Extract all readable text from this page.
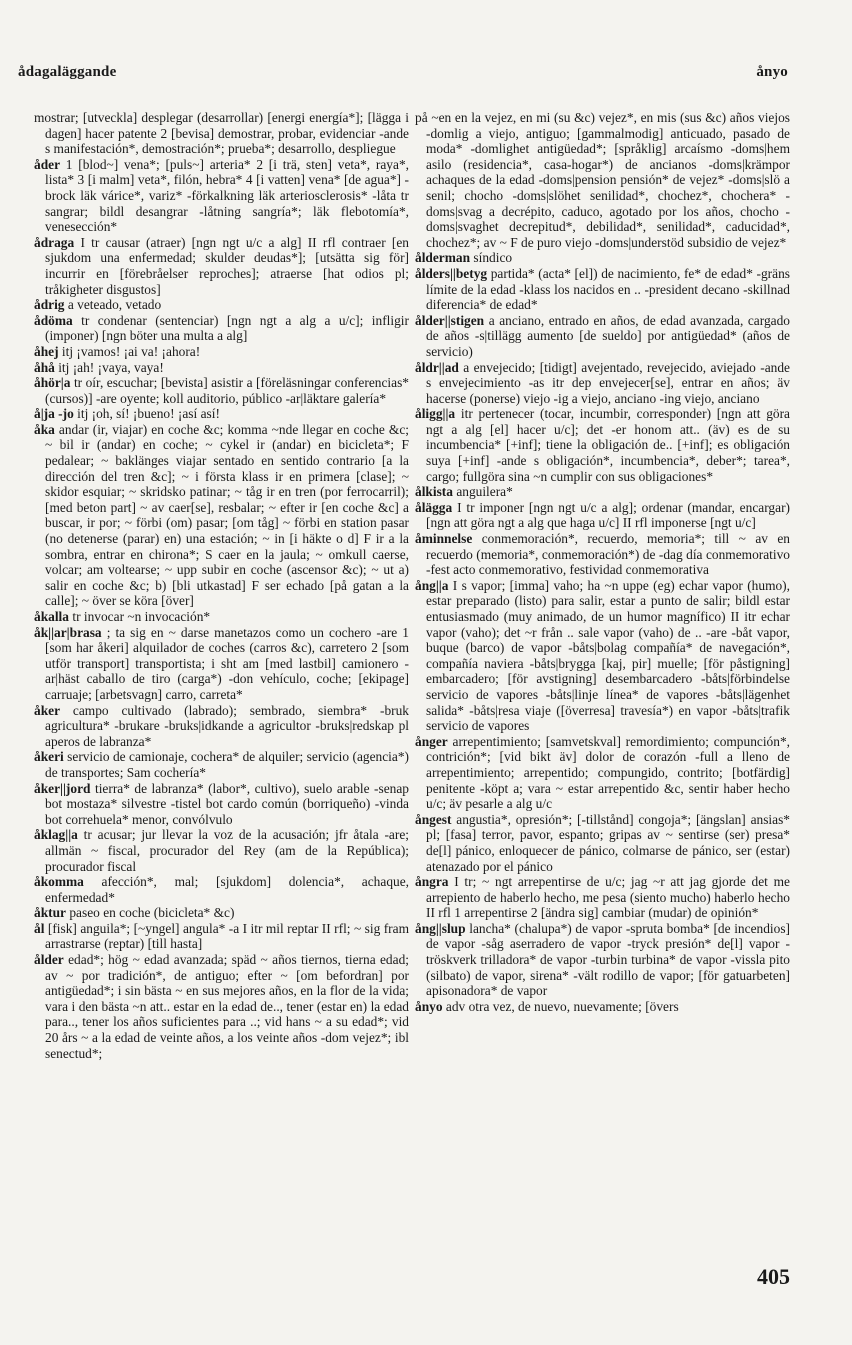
ådagaläggande	ånyo

mostrar; [utveckla] desplegar (desarrollar) [energi energía*]; [lägga i dagen] hacer patente 2 [bevisa] demostrar, probar, evidenciar -ande s manifestación*, demostración*; prueba*; desarrollo, despliegue

åder 1 [blod~] vena*; [puls~] arteria* 2 [i trä, sten] veta*, raya*, lista* 3 [i malm] veta*, filón, hebra* 4 [i vatten] vena* [de agua*] -brock läk várice*, variz* -förkalkning läk arteriosclerosis* -låta tr sangrar; bildl desangrar -låtning sangría*; läk flebotomía*, venesección*

ådraga I tr causar (atraer) [ngn ngt u/c a alg] II rfl contraer [en sjukdom una enfermedad; skulder deudas*]; [utsätta sig för] incurrir en [förebråelser reproches]; atraerse [hat odios pl; tråkigheter disgustos]

ådrig a veteado, vetado

ådöma tr condenar (sentenciar) [ngn ngt a alg a u/c]; infligir (imponer) [ngn böter una multa a alg]

åhej itj ¡vamos! ¡ai va! ¡ahora!

åhå itj ¡ah! ¡vaya, vaya!

åhör|a tr oír, escuchar; [bevista] asistir a [föreläsningar conferencias* (cursos)] -are oyente; koll auditorio, público -ar|läktare galería*

å|ja -jo itj ¡oh, sí! ¡bueno! ¡así así!

åka andar (ir, viajar) en coche &c; komma ~nde llegar en coche &c; ~ bil ir (andar) en coche; ~ cykel ir (andar) en bicicleta*; F pedalear; ~ baklänges viajar sentado en sentido contrario [a la dirección del tren &c]; ~ i första klass ir en primera [clase]; ~ skidor esquiar; ~ skridsko patinar; ~ tåg ir en tren (por ferrocarril); [med beton part] ~ av caer[se], resbalar; ~ efter ir [en coche &c] a buscar, ir por; ~ förbi (om) pasar; [om tåg] ~ förbi en station pasar (no detenerse (parar) en) una estación; ~ in [i häkte o d] F ir a la sombra, entrar en chirona*; S caer en la jaula; ~ omkull caerse, volcar; am voltearse; ~ upp subir en coche (ascensor &c); ~ ut a) salir en coche &c; b) [bli utkastad] F ser echado [på gatan a la calle]; ~ över se köra [över]

åkalla tr invocar ~n invocación*

åk||ar|brasa ; ta sig en ~ darse manetazos como un cochero -are 1 [som har åkeri] alquilador de coches (carros &c), carretero 2 [som utför transport] transportista; i sht am [med lastbil] camionero -ar|häst caballo de tiro (carga*) -don vehículo, coche; [ekipage] carruaje; [arbetsvagn] carro, carreta*

åker campo cultivado (labrado); sembrado, siembra* -bruk agricultura* -brukare -bruks|idkande a agricultor -bruks|redskap pl aperos de labranza*

åkeri servicio de camionaje, cochera* de alquiler; servicio (agencia*) de transportes; Sam cochería*

åker||jord tierra* de labranza* (labor*, cultivo), suelo arable -senap bot mostaza* silvestre -tistel bot cardo común (borriqueño) -vinda bot correhuela* menor, convólvulo

åklag||a tr acusar; jur llevar la voz de la acusación; jfr åtala -are; allmän ~ fiscal, procurador del Rey (am de la República); procurador fiscal

åkomma afección*, mal; [sjukdom] dolencia*, achaque, enfermedad*

åktur paseo en coche (bicicleta* &c)

ål [fisk] anguila*; [~yngel] angula* -a I itr mil reptar II rfl; ~ sig fram arrastrarse (reptar) [till hasta]

ålder edad*; hög ~ edad avanzada; späd ~ años tiernos, tierna edad; av ~ por tradición*, de antiguo; efter ~ [om befordran] por antigüedad*; i sin bästa ~ en sus mejores años, en la flor de la vida; vara i den bästa ~n att.. estar en la edad de.., tener (estar en) la edad para.., tener los años suficientes para ..; vid hans ~ a su edad*; vid 20 års ~ a la edad de veinte años, a los veinte años -dom vejez*; ibl senectud*;

på ~en en la vejez, en mi (su &c) vejez*, en mis (sus &c) años viejos -domlig a viejo, antiguo; [gammalmodig] anticuado, pasado de moda* -domlighet antigüedad*; [språklig] arcaísmo -doms|hem asilo (residencia*, casa-hogar*) de ancianos -doms|krämpor achaques de la edad -doms|pension pensión* de vejez* -doms|slö a senil; chocho -doms|slöhet senilidad*, chochez*, chochera* -doms|svag a decrépito, caduco, agotado por los años, chocho -doms|svaghet decrepitud*, debilidad*, senilidad*, caducidad*, chochez*; av ~ F de puro viejo -doms|understöd subsidio de vejez*

ålderman síndico

ålders||betyg partida* (acta* [el]) de nacimiento, fe* de edad* -gräns límite de la edad -klass los nacidos en .. -president decano -skillnad diferencia* de edad*

ålder||stigen a anciano, entrado en años, de edad avanzada, cargado de años -s|tillägg aumento [de sueldo] por antigüedad* (años de servicio)

åldr||ad a envejecido; [tidigt] avejentado, revejecido, aviejado -ande s envejecimiento -as itr dep envejecer[se], entrar en años; äv hacerse (ponerse) viejo -ig a viejo, anciano -ing viejo, anciano

åligg||a itr pertenecer (tocar, incumbir, corresponder) [ngn att göra ngt a alg [el] hacer u/c]; det -er honom att.. (äv) es de su incumbencia* [+inf]; tiene la obligación de.. [+inf]; es obligación suya [+inf] -ande s obligación*, incumbencia*, deber*; tarea*, cargo; fullgöra sina ~n cumplir con sus obligaciones*

ålkista anguilera*

ålägga I tr imponer [ngn ngt u/c a alg]; ordenar (mandar, encargar) [ngn att göra ngt a alg que haga u/c] II rfl imponerse [ngt u/c]

åminnelse conmemoración*, recuerdo, memoria*; till ~ av en recuerdo (memoria*, conmemoración*) de -dag día conmemorativo -fest acto conmemorativo, festividad conmemorativa

ång||a I s vapor; [imma] vaho; ha ~n uppe (eg) echar vapor (humo), estar preparado (listo) para salir, estar a punto de salir; bildl estar entusiasmado (muy animado, de un humor magnífico) II itr echar vapor (vaho); det ~r från .. sale vapor (vaho) de .. -are -båt vapor, buque (barco) de vapor -båts|bolag compañía* de navegación*, compañía naviera -båts|brygga [kaj, pir] muelle; [för påstigning] embarcadero; [för avstigning] desembarcadero -båts|förbindelse servicio de vapores -båts|linje línea* de vapores -båts|lägenhet salida* -båts|resa viaje ([överresa] travesía*) en vapor -båts|trafik servicio de vapores

ånger arrepentimiento; [samvetskval] remordimiento; compunción*, contrición*; [vid bikt äv] dolor de corazón -full a lleno de arrepentimiento; arrepentido; compungido, contrito; [botfärdig] penitente -köpt a; vara ~ estar arrepentido &c, sentir haber hecho u/c; äv pesarle a alg u/c

ångest angustia*, opresión*; [-tillstånd] congoja*; [ängslan] ansias* pl; [fasa] terror, pavor, espanto; gripas av ~ sentirse (ser) presa* de[l] pánico, enloquecer de pánico, colmarse de pánico, ser (estar) atenazado por el pánico

ångra I tr; ~ ngt arrepentirse de u/c; jag ~r att jag gjorde det me arrepiento de haberlo hecho, me pesa (siento mucho) haberlo hecho II rfl 1 arrepentirse 2 [ändra sig] cambiar (mudar) de opinión*

ång||slup lancha* (chalupa*) de vapor -spruta bomba* [de incendios] de vapor -såg aserradero de vapor -tryck presión* de[l] vapor -tröskverk trilladora* de vapor -turbin turbina* de vapor -vissla pito (silbato) de vapor, sirena* -vält rodillo de vapor; [för gatuarbeten] apisonadora* de vapor

ånyo adv otra vez, de nuevo, nuevamente; [övers

405
